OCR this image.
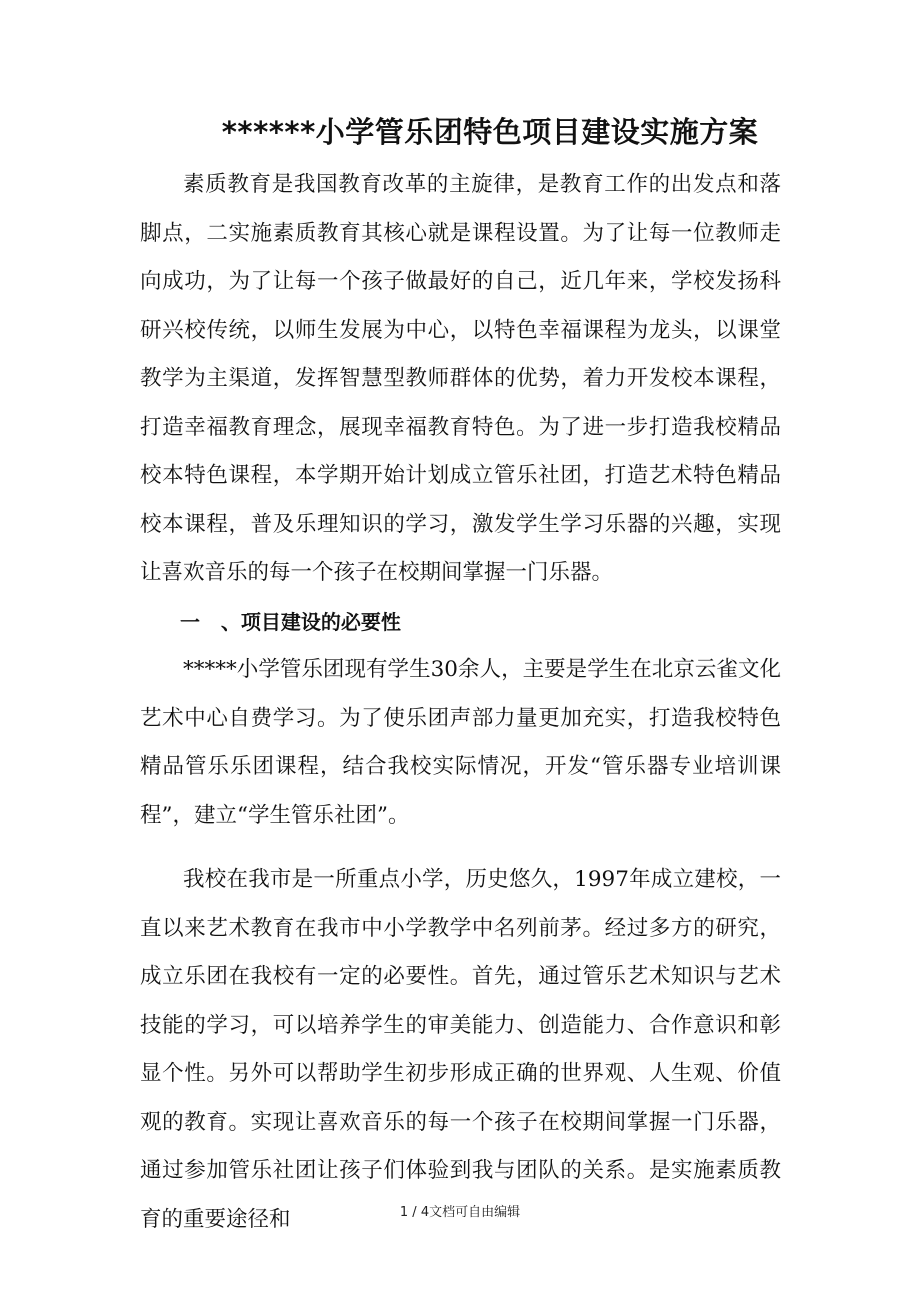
******小学管乐团特色项目建设实施方案

素质教育是我国教育改革的主旋律，是教育工作的出发点和落脚点，二实施素质教育其核心就是课程设置。为了让每一位教师走向成功，为了让每一个孩子做最好的自己，近几年来，学校发扬科研兴校传统，以师生发展为中心，以特色幸福课程为龙头，以课堂教学为主渠道，发挥智慧型教师群体的优势，着力开发校本课程，打造幸福教育理念，展现幸福教育特色。为了进一步打造我校精品校本特色课程，本学期开始计划成立管乐社团，打造艺术特色精品校本课程，普及乐理知识的学习，激发学生学习乐器的兴趣，实现让喜欢音乐的每一个孩子在校期间掌握一门乐器。

一   、项目建设的必要性

*****小学管乐团现有学生30余人，主要是学生在北京云雀文化艺术中心自费学习。为了使乐团声部力量更加充实，打造我校特色精品管乐乐团课程，结合我校实际情况，开发“管乐器专业培训课程”，建立“学生管乐社团”。

我校在我市是一所重点小学，历史悠久，1997年成立建校，一直以来艺术教育在我市中小学教学中名列前茅。经过多方的研究，成立乐团在我校有一定的必要性。首先，通过管乐艺术知识与艺术技能的学习，可以培养学生的审美能力、创造能力、合作意识和彰显个性。另外可以帮助学生初步形成正确的世界观、人生观、价值观的教育。实现让喜欢音乐的每一个孩子在校期间掌握一门乐器，通过参加管乐社团让孩子们体验到我与团队的关系。是实施素质教育的重要途径和	1 / 4文档可自由编辑
